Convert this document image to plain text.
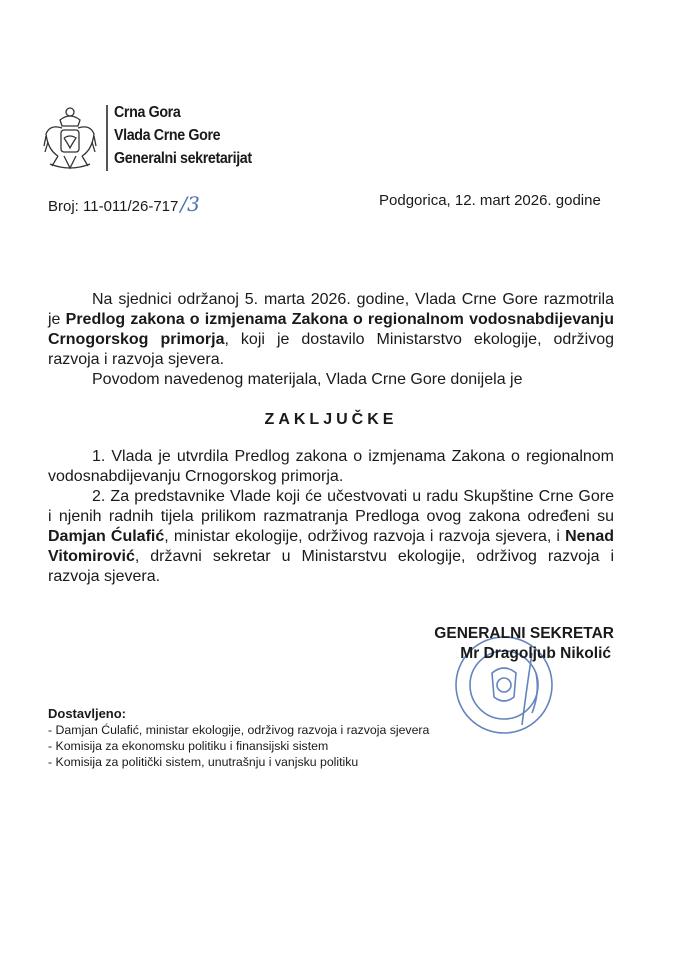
Crna Gora
Vlada Crne Gore
Generalni sekretarijat
Broj: 11-011/26-717 /3	Podgorica, 12. mart 2026. godine
Na sjednici održanoj 5. marta 2026. godine, Vlada Crne Gore razmotrila je Predlog zakona o izmjenama Zakona o regionalnom vodosnabdijevanju Crnogorskog primorja, koji je dostavilo Ministarstvo ekologije, održivog razvoja i razvoja sjevera.
Povodom navedenog materijala, Vlada Crne Gore donijela je
ZAKLJUČKE
1. Vlada je utvrdila Predlog zakona o izmjenama Zakona o regionalnom vodosnabdijevanju Crnogorskog primorja.
2. Za predstavnike Vlade koji će učestvovati u radu Skupštine Crne Gore i njenih radnih tijela prilikom razmatranja Predloga ovog zakona određeni su Damjan Ćulafić, ministar ekologije, održivog razvoja i razvoja sjevera, i Nenad Vitomirović, državni sekretar u Ministarstvu ekologije, održivog razvoja i razvoja sjevera.
GENERALNI SEKRETAR
Mr Dragoljub Nikolić
Dostavljeno:
- Damjan Ćulafić, ministar ekologije, održivog razvoja i razvoja sjevera
- Komisija za ekonomsku politiku i finansijski sistem
- Komisija za politički sistem, unutrašnju i vanjsku politiku
